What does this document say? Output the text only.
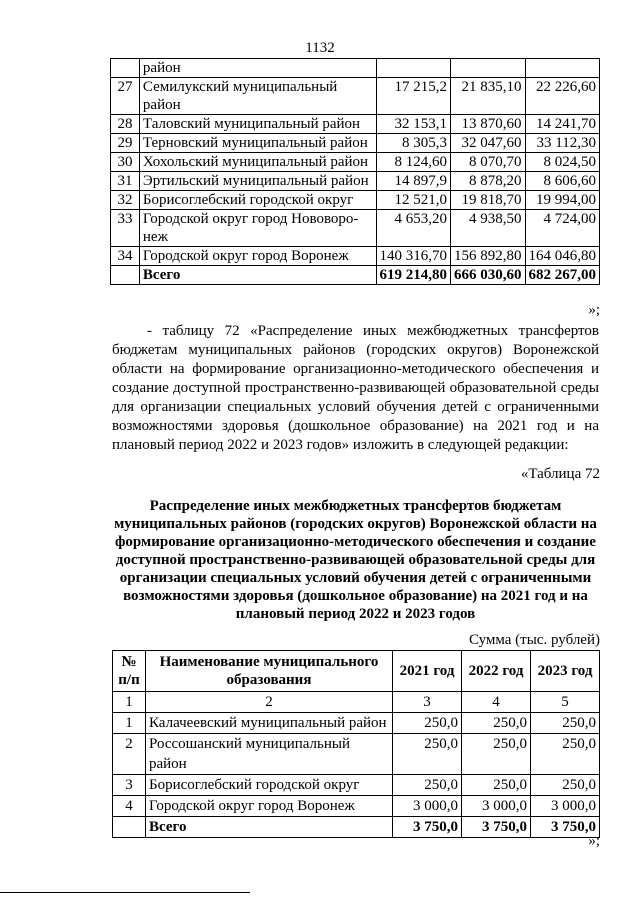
1132
	район			
27	Семилукский муниципальный район	17 215,2	21 835,10	22 226,60
28	Таловский муниципальный район	32 153,1	13 870,60	14 241,70
29	Терновский муниципальный район	8 305,3	32 047,60	33 112,30
30	Хохольский муниципальный район	8 124,60	8 070,70	8 024,50
31	Эртильский муниципальный район	14 897,9	8 878,20	8 606,60
32	Борисоглебский городской округ	12 521,0	19 818,70	19 994,00
33	Городской округ город Нововоро-неж	4 653,20	4 938,50	4 724,00
34	Городской округ город Воронеж	140 316,70	156 892,80	164 046,80
	Всего	619 214,80	666 030,60	682 267,00
»;
- таблицу 72 «Распределение иных межбюджетных трансфертов бюджетам муниципальных районов (городских округов) Воронежской области на формирование организационно-методического обеспечения и создание доступной пространственно-развивающей образовательной среды для организации специальных условий обучения детей с ограниченными возможностями здоровья (дошкольное образование) на 2021 год и на плановый период 2022 и 2023 годов» изложить в следующей редакции:
«Таблица 72
Распределение иных межбюджетных трансфертов бюджетам муниципальных районов (городских округов) Воронежской области на формирование организационно-методического обеспечения и создание доступной пространственно-развивающей образовательной среды для организации специальных условий обучения детей с ограниченными возможностями здоровья (дошкольное образование) на 2021 год и на плановый период 2022 и 2023 годов
Сумма (тыс. рублей)
№ п/п	Наименование муниципального образования	2021 год	2022 год	2023 год
1	2	3	4	5
1	Калачеевский муниципальный район	250,0	250,0	250,0
2	Россошанский муниципальный район	250,0	250,0	250,0
3	Борисоглебский городской округ	250,0	250,0	250,0
4	Городской округ город Воронеж	3 000,0	3 000,0	3 000,0
	Всего	3 750,0	3 750,0	3 750,0
»;
